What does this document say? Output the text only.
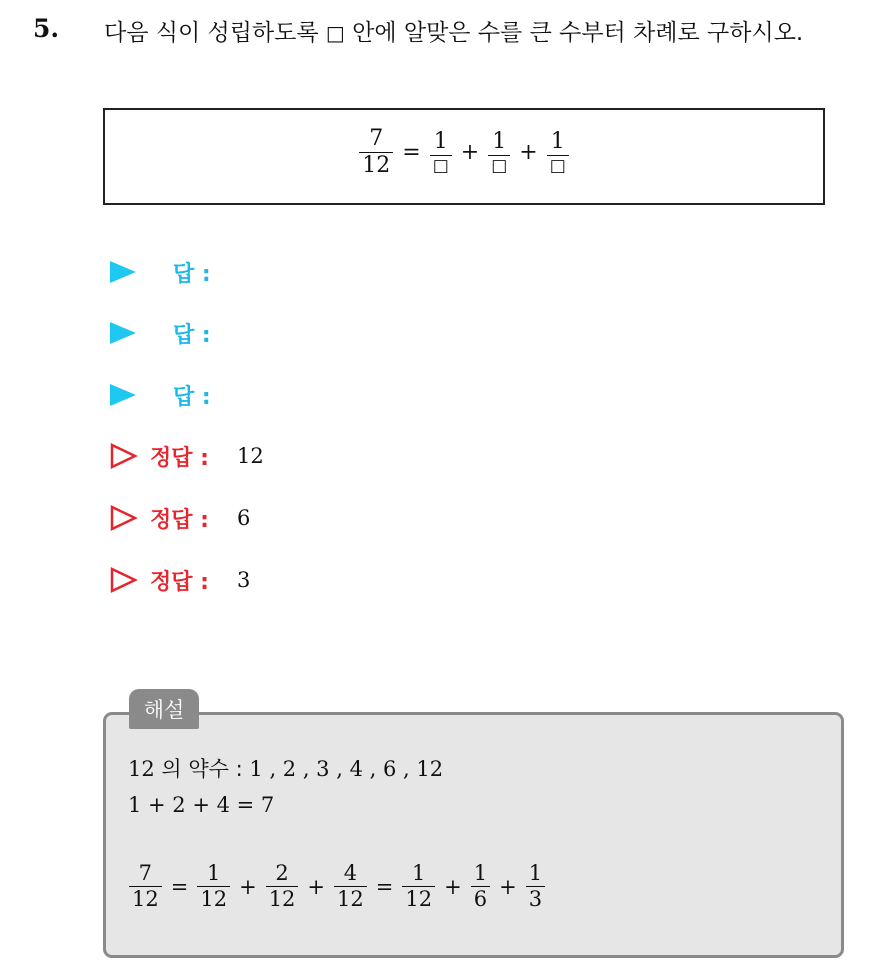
5. 다음 식이 성립하도록 □ 안에 알맞은 수를 큰 수부터 차례로 구하시오.
$\frac{7}{12} = \frac{1}{□} + \frac{1}{□} + \frac{1}{□}$
답 :
답 :
답 :
정답 : 12
정답 : 6
정답 : 3
12 의 약수 : 1 , 2 , 3 , 4 , 6 , 12
1 + 2 + 4 = 7
$\frac{7}{12} = \frac{1}{12} + \frac{2}{12} + \frac{4}{12} = \frac{1}{12} + \frac{1}{6} + \frac{1}{3}$
해설
